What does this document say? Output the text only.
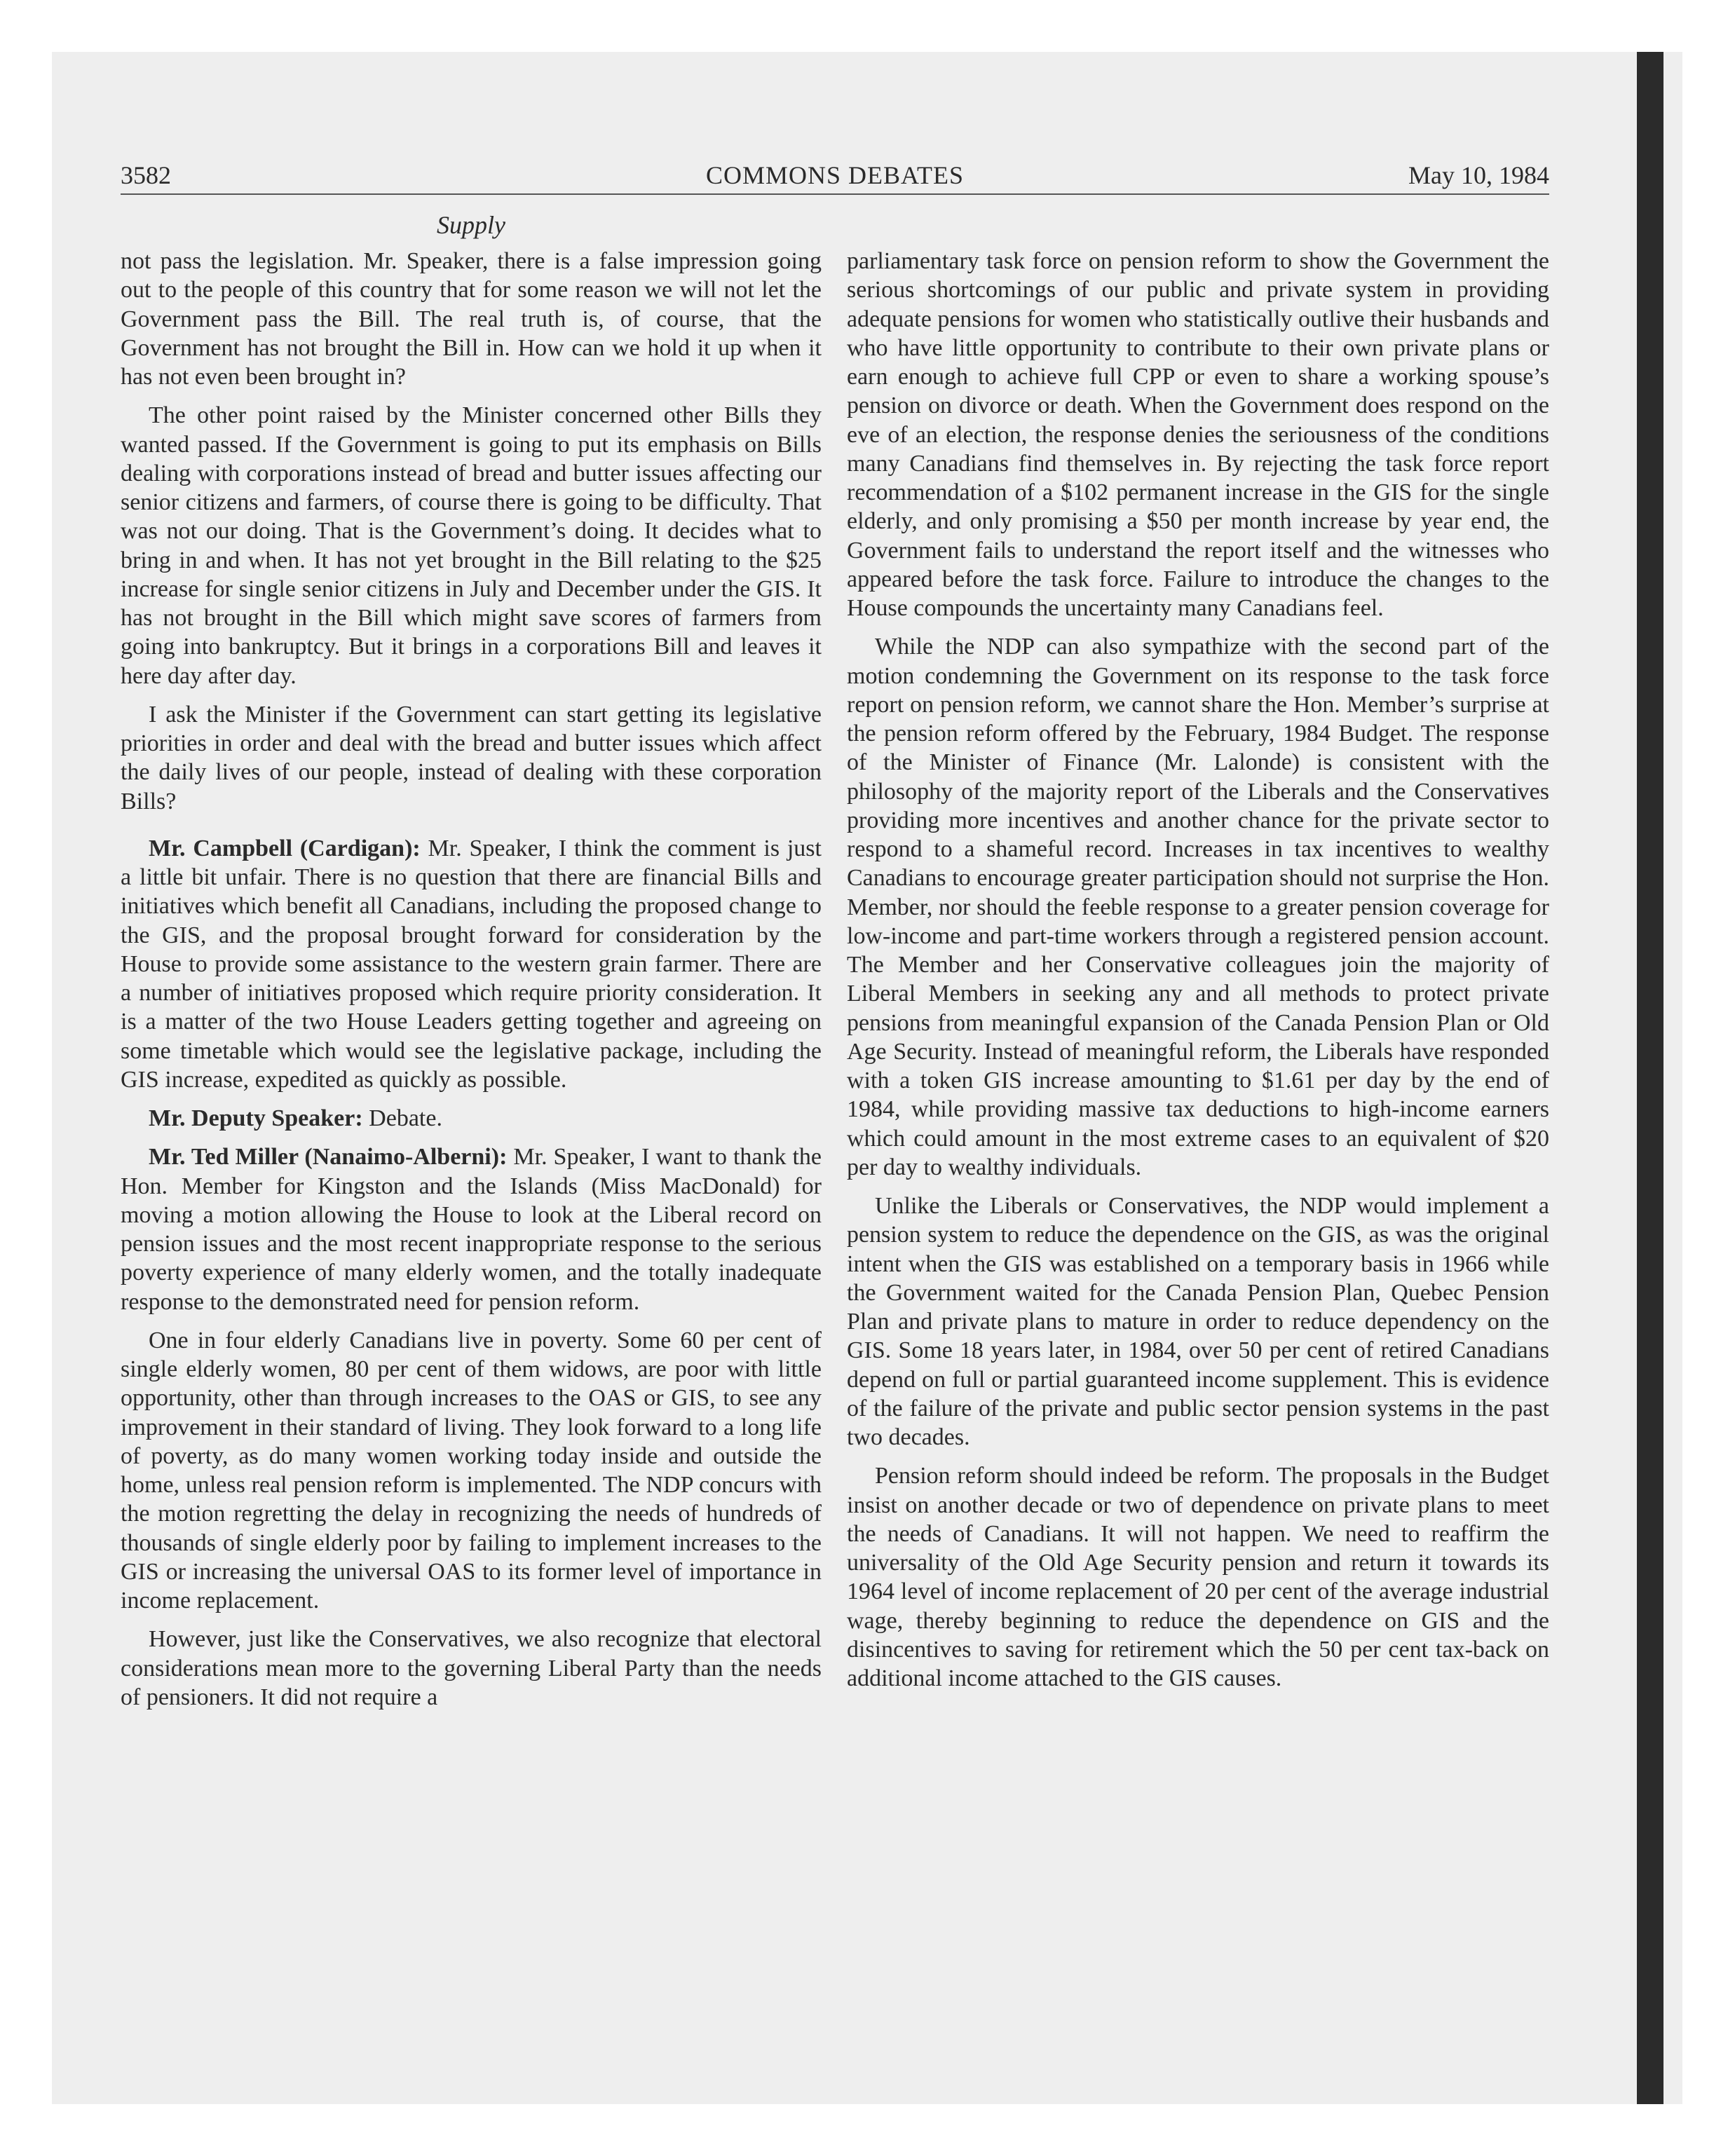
3582	COMMONS DEBATES	May 10, 1984
Supply

not pass the legislation. Mr. Speaker, there is a false impression going out to the people of this country that for some reason we will not let the Government pass the Bill. The real truth is, of course, that the Government has not brought the Bill in. How can we hold it up when it has not even been brought in?

The other point raised by the Minister concerned other Bills they wanted passed. If the Government is going to put its emphasis on Bills dealing with corporations instead of bread and butter issues affecting our senior citizens and farmers, of course there is going to be difficulty. That was not our doing. That is the Government’s doing. It decides what to bring in and when. It has not yet brought in the Bill relating to the $25 increase for single senior citizens in July and December under the GIS. It has not brought in the Bill which might save scores of farmers from going into bankruptcy. But it brings in a corporations Bill and leaves it here day after day.

I ask the Minister if the Government can start getting its legislative priorities in order and deal with the bread and butter issues which affect the daily lives of our people, instead of dealing with these corporation Bills?

Mr. Campbell (Cardigan): Mr. Speaker, I think the comment is just a little bit unfair. There is no question that there are financial Bills and initiatives which benefit all Canadians, including the proposed change to the GIS, and the proposal brought forward for consideration by the House to provide some assistance to the western grain farmer. There are a number of initiatives proposed which require priority consideration. It is a matter of the two House Leaders getting together and agreeing on some timetable which would see the legislative package, including the GIS increase, expedited as quickly as possible.

Mr. Deputy Speaker: Debate.

Mr. Ted Miller (Nanaimo-Alberni): Mr. Speaker, I want to thank the Hon. Member for Kingston and the Islands (Miss MacDonald) for moving a motion allowing the House to look at the Liberal record on pension issues and the most recent inappropriate response to the serious poverty experience of many elderly women, and the totally inadequate response to the demonstrated need for pension reform.

One in four elderly Canadians live in poverty. Some 60 per cent of single elderly women, 80 per cent of them widows, are poor with little opportunity, other than through increases to the OAS or GIS, to see any improvement in their standard of living. They look forward to a long life of poverty, as do many women working today inside and outside the home, unless real pension reform is implemented. The NDP concurs with the motion regretting the delay in recognizing the needs of hundreds of thousands of single elderly poor by failing to implement increases to the GIS or increasing the universal OAS to its former level of importance in income replacement.

However, just like the Conservatives, we also recognize that electoral considerations mean more to the governing Liberal Party than the needs of pensioners. It did not require a

parliamentary task force on pension reform to show the Government the serious shortcomings of our public and private system in providing adequate pensions for women who statistically outlive their husbands and who have little opportunity to contribute to their own private plans or earn enough to achieve full CPP or even to share a working spouse’s pension on divorce or death. When the Government does respond on the eve of an election, the response denies the seriousness of the conditions many Canadians find themselves in. By rejecting the task force report recommendation of a $102 permanent increase in the GIS for the single elderly, and only promising a $50 per month increase by year end, the Government fails to understand the report itself and the witnesses who appeared before the task force. Failure to introduce the changes to the House compounds the uncertainty many Canadians feel.

While the NDP can also sympathize with the second part of the motion condemning the Government on its response to the task force report on pension reform, we cannot share the Hon. Member’s surprise at the pension reform offered by the February, 1984 Budget. The response of the Minister of Finance (Mr. Lalonde) is consistent with the philosophy of the majority report of the Liberals and the Conservatives providing more incentives and another chance for the private sector to respond to a shameful record. Increases in tax incentives to wealthy Canadians to encourage greater participation should not surprise the Hon. Member, nor should the feeble response to a greater pension coverage for low-income and part-time workers through a registered pension account. The Member and her Conservative colleagues join the majority of Liberal Members in seeking any and all methods to protect private pensions from meaningful expansion of the Canada Pension Plan or Old Age Security. Instead of meaningful reform, the Liberals have responded with a token GIS increase amounting to $1.61 per day by the end of 1984, while providing massive tax deductions to high-income earners which could amount in the most extreme cases to an equivalent of $20 per day to wealthy individuals.

Unlike the Liberals or Conservatives, the NDP would implement a pension system to reduce the dependence on the GIS, as was the original intent when the GIS was established on a temporary basis in 1966 while the Government waited for the Canada Pension Plan, Quebec Pension Plan and private plans to mature in order to reduce dependency on the GIS. Some 18 years later, in 1984, over 50 per cent of retired Canadians depend on full or partial guaranteed income supplement. This is evidence of the failure of the private and public sector pension systems in the past two decades.

Pension reform should indeed be reform. The proposals in the Budget insist on another decade or two of dependence on private plans to meet the needs of Canadians. It will not happen. We need to reaffirm the universality of the Old Age Security pension and return it towards its 1964 level of income replacement of 20 per cent of the average industrial wage, thereby beginning to reduce the dependence on GIS and the disincentives to saving for retirement which the 50 per cent tax-back on additional income attached to the GIS causes.
